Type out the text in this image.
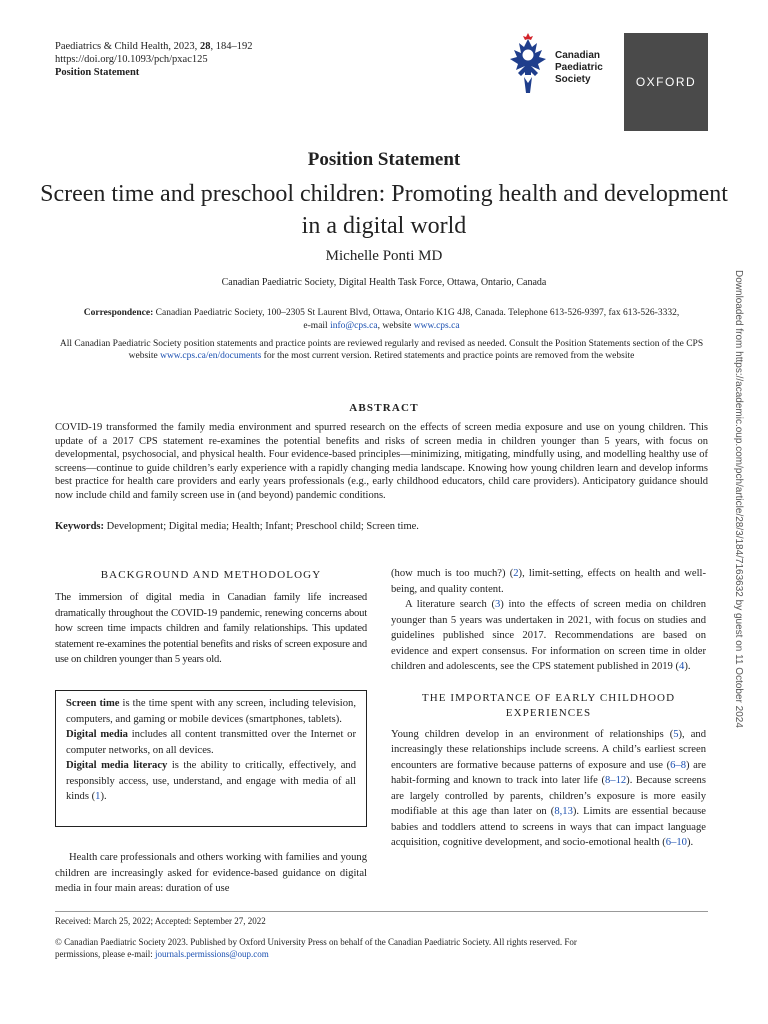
Paediatrics & Child Health, 2023, 28, 184–192
https://doi.org/10.1093/pch/pxac125
Position Statement
Canadian
Paediatric
Society	OXFORD
Position Statement
Screen time and preschool children: Promoting health and development in a digital world
Michelle Ponti MD
Canadian Paediatric Society, Digital Health Task Force, Ottawa, Ontario, Canada
Correspondence: Canadian Paediatric Society, 100–2305 St Laurent Blvd, Ottawa, Ontario K1G 4J8, Canada. Telephone 613-526-9397, fax 613-526-3332,
e-mail info@cps.ca, website www.cps.ca
All Canadian Paediatric Society position statements and practice points are reviewed regularly and revised as needed. Consult the Position Statements section of the CPS website www.cps.ca/en/documents for the most current version. Retired statements and practice points are removed from the website
ABSTRACT
COVID-19 transformed the family media environment and spurred research on the effects of screen media exposure and use on young children. This update of a 2017 CPS statement re-examines the potential benefits and risks of screen media in children younger than 5 years, with focus on developmental, psychosocial, and physical health. Four evidence-based principles—minimizing, mitigating, mindfully using, and modelling healthy use of screens—continue to guide children’s early experience with a rapidly changing media landscape. Knowing how young children learn and develop informs best practice for health care providers and early years professionals (e.g., early childhood educators, child care providers). Anticipatory guidance should now include child and family screen use in (and beyond) pandemic conditions.
Keywords: Development; Digital media; Health; Infant; Preschool child; Screen time.
BACKGROUND AND METHODOLOGY

The immersion of digital media in Canadian family life increased dramatically throughout the COVID-19 pandemic, renewing concerns about how screen time impacts children and family relationships. This updated statement re-examines the potential benefits and risks of screen exposure and use on children younger than 5 years old.

Screen time is the time spent with any screen, including television, computers, and gaming or mobile devices (smartphones, tablets).

Digital media includes all content transmitted over the Internet or computer networks, on all devices.

Digital media literacy is the ability to critically, effectively, and responsibly access, use, understand, and engage with media of all kinds (1).

Health care professionals and others working with families and young children are increasingly asked for evidence-based guidance on digital media in four main areas: duration of use

(how much is too much?) (2), limit-setting, effects on health and well-being, and quality content.

A literature search (3) into the effects of screen media on children younger than 5 years was undertaken in 2021, with focus on studies and guidelines published since 2017. Recommendations are based on evidence and expert consensus. For information on screen time in older children and adolescents, see the CPS statement published in 2019 (4).

THE IMPORTANCE OF EARLY CHILDHOOD EXPERIENCES

Young children develop in an environment of relationships (5), and increasingly these relationships include screens. A child’s earliest screen encounters are formative because patterns of exposure and use (6–8) are habit-forming and known to track into later life (8–12). Because screens are largely controlled by parents, children’s exposure is more easily modifiable at this age than later on (8,13). Limits are essential because babies and toddlers attend to screens in ways that can impact language acquisition, cognitive development, and socio-emotional health (6–10).

Received: March 25, 2022; Accepted: September 27, 2022
© Canadian Paediatric Society 2023. Published by Oxford University Press on behalf of the Canadian Paediatric Society. All rights reserved. For permissions, please e-mail: journals.permissions@oup.com
Downloaded from https://academic.oup.com/pch/article/28/3/184/7163632 by guest on 11 October 2024
